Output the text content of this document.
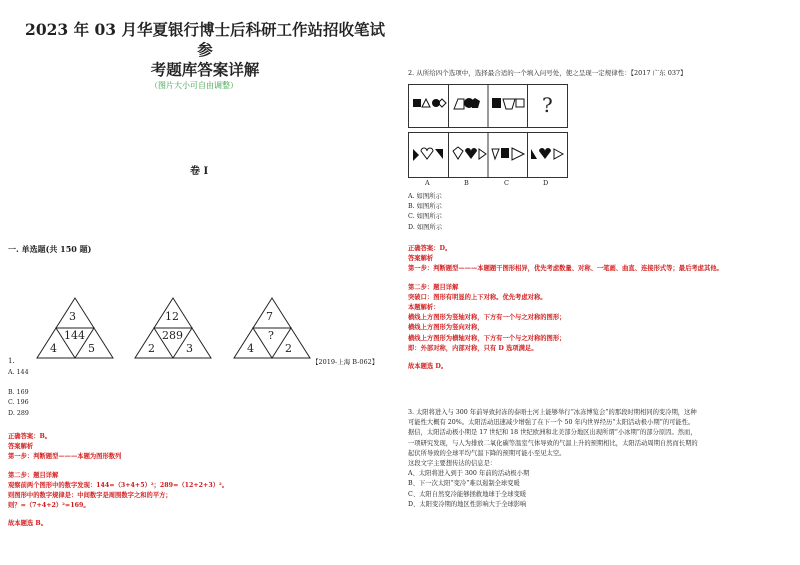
2023 年 03 月华夏银行博士后科研工作站招收笔试参
考题库答案详解
（图片大小可自由调整）
卷 I
一. 单选题(共 150 题)
3
144
4	5
12
289
2	3
7
?
4	2
1.	【2019-上海 B-062】
A. 144
B. 169
C. 196
D. 289
正确答案：B。
答案解析
第一步：判断题型———本题为图形数列
第二步：题目详解
观察前两个图形中的数字发现：144=（3+4+5）²；289=（12+2+3）²。
则图形中的数字规律是：中间数字是周围数字之和的平方；
则？=（7+4+2）²=169。
故本题选 B。
2. 从所给四个选项中，选择最合适的一个填入问号处，使之呈现一定规律性：【2017 广东 037】
?
A	B	C	D
A. 如图所示
B. 如图所示
C. 如图所示
D. 如图所示
正确答案：D。
答案解析
第一步：判断题型———本题题干图形相异，优先考虑数量、对称、一笔画、曲直、连接形式等；最后考虑其他。
第二步：题目详解
突破口：图形有明显的上下对称。优先考虑对称。
本题解析：
横线上方图形为竖轴对称，下方有一个与之对称的图形；
横线上方图形为竖向对称，
横线上方图形为横轴对称，下方有一个与之对称的图形；
即：外部对称，内部对称，只有 D 选项满足。
故本题选 D。
3. 太阳将进入与 300 年前导致封冻的泰晤士河上能够举行“冰冻博览会”的那段时期相同的变冷期，这种
可能性大概有 20%。太阳活动迅速减少增强了在下一个 50 年内世界经历“太阳活动极小期”的可能性。
据信，太阳活动极小期是 17 世纪和 18 世纪欧洲和北美部分地区出现所谓“小冰期”的部分原因。然而，
一项研究发现，与人为排放二氧化碳等温室气体导致的气温上升的预期相比，太阳活动周期自然而长期的
起伏所导致的全球平均气温下降的预期可能小至见太空。
这段文字主要想传达的信息是：
A、太阳将进入到于 300 年前的活动极小期
B、下一次太阳“变冷”难以遏制全球变暖
C、太阳自然变冷能够拯救地球于全球变暖
D、太阳变冷期的地区性影响大于全球影响
